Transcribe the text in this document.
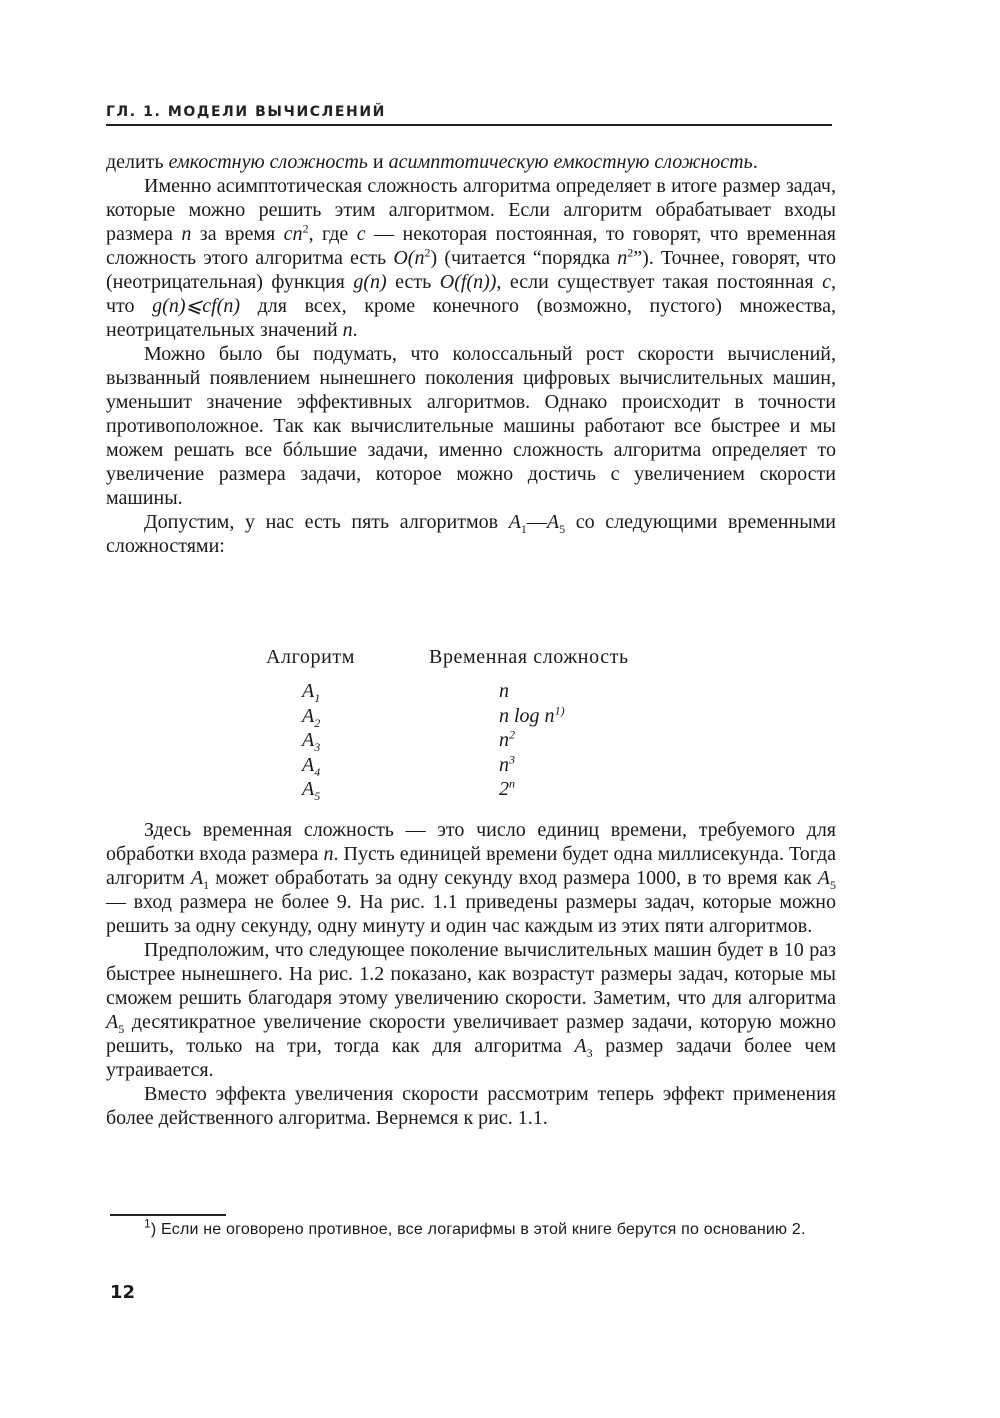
ГЛ. 1. МОДЕЛИ ВЫЧИСЛЕНИЙ

делить емкостную сложность и асимптотическую емкостную сложность.

Именно асимптотическая сложность алгоритма определяет в итоге размер задач, которые можно решить этим алгоритмом. Если алгоритм обрабатывает входы размера n за время $cn^2$, где c — некоторая постоянная, то говорят, что временная сложность этого алгоритма есть $O(n^2)$ (читается “порядка $n^2$”). Точнее, говорят, что (неотрицательная) функция g(n) есть O(f(n)), если существует такая постоянная c, что g(n)⩽cf(n) для всех, кроме конечного (возможно, пустого) множества, неотрицательных значений n.

Можно было бы подумать, что колоссальный рост скорости вычислений, вызванный появлением нынешнего поколения цифровых вычислительных машин, уменьшит значение эффективных алгоритмов. Однако происходит в точности противоположное. Так как вычислительные машины работают все быстрее и мы можем решать все бóльшие задачи, именно сложность алгоритма определяет то увеличение размера задачи, которое можно достичь с увеличением скорости машины.

Допустим, у нас есть пять алгоритмов $A_1—A_5$ со следующими временными сложностями:

Алгоритм	Временная сложность
$A_1$	n
$A_2$	n $\log n^{1)}$
$A_3$	$n^2$
$A_4$	$n^3$
$A_5$	2$^n$

Здесь временная сложность — это число единиц времени, требуемого для обработки входа размера n. Пусть единицей времени будет одна миллисекунда. Тогда алгоритм $A_1$ может обработать за одну секунду вход размера 1000, в то время как $A_5$ — вход размера не более 9. На рис. 1.1 приведены размеры задач, которые можно решить за одну секунду, одну минуту и один час каждым из этих пяти алгоритмов.

Предположим, что следующее поколение вычислительных машин будет в 10 раз быстрее нынешнего. На рис. 1.2 показано, как возрастут размеры задач, которые мы сможем решить благодаря этому увеличению скорости. Заметим, что для алгоритма $A_5$ десятикратное увеличение скорости увеличивает размер задачи, которую можно решить, только на три, тогда как для алгоритма $A_3$ размер задачи более чем утраивается.

Вместо эффекта увеличения скорости рассмотрим теперь эффект применения более действенного алгоритма. Вернемся к рис. 1.1.

$^1$) Если не оговорено противное, все логарифмы в этой книге берутся по основанию 2.

12
